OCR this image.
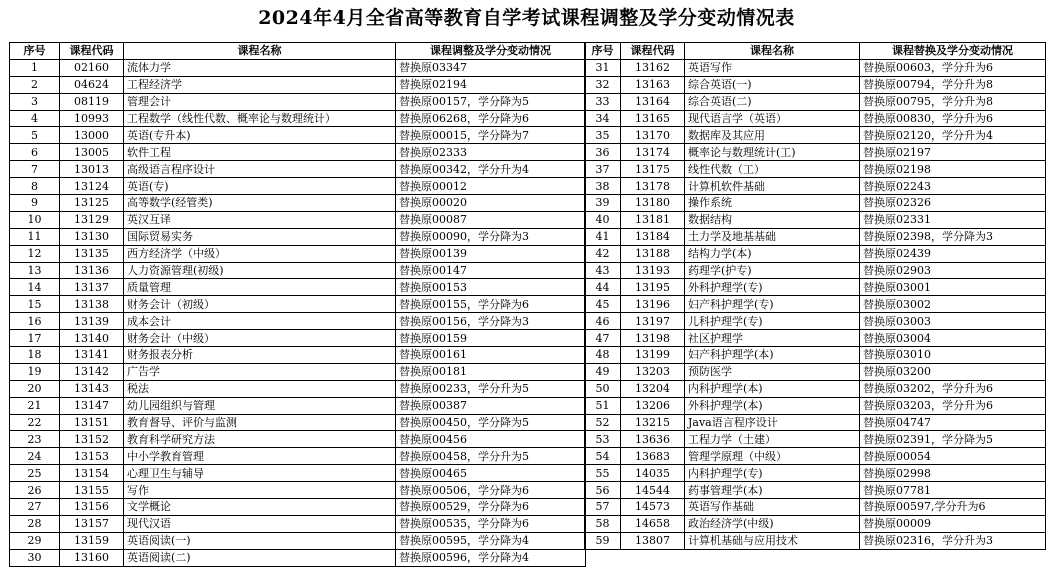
2024年4月全省高等教育自学考试课程调整及学分变动情况表
序号	课程代码	课程名称	课程调整及学分变动情况
1	02160	流体力学	替换原03347
2	04624	工程经济学	替换原02194
3	08119	管理会计	替换原00157，学分降为5
4	10993	工程数学（线性代数、概率论与数理统计）	替换原06268，学分降为6
5	13000	英语(专升本)	替换原00015，学分降为7
6	13005	软件工程	替换原02333
7	13013	高级语言程序设计	替换原00342，学分升为4
8	13124	英语(专)	替换原00012
9	13125	高等数学(经管类)	替换原00020
10	13129	英汉互译	替换原00087
11	13130	国际贸易实务	替换原00090，学分降为3
12	13135	西方经济学（中级）	替换原00139
13	13136	人力资源管理(初级)	替换原00147
14	13137	质量管理	替换原00153
15	13138	财务会计（初级）	替换原00155，学分降为6
16	13139	成本会计	替换原00156，学分降为3
17	13140	财务会计（中级）	替换原00159
18	13141	财务报表分析	替换原00161
19	13142	广告学	替换原00181
20	13143	税法	替换原00233，学分升为5
21	13147	幼儿园组织与管理	替换原00387
22	13151	教育督导、评价与监测	替换原00450，学分降为5
23	13152	教育科学研究方法	替换原00456
24	13153	中小学教育管理	替换原00458，学分升为5
25	13154	心理卫生与辅导	替换原00465
26	13155	写作	替换原00506，学分降为6
27	13156	文学概论	替换原00529，学分降为6
28	13157	现代汉语	替换原00535，学分降为6
29	13159	英语阅读(一)	替换原00595，学分降为4
30	13160	英语阅读(二)	替换原00596，学分降为4
序号	课程代码	课程名称	课程替换及学分变动情况
31	13162	英语写作	替换原00603，学分升为6
32	13163	综合英语(一)	替换原00794，学分升为8
33	13164	综合英语(二)	替换原00795，学分升为8
34	13165	现代语言学（英语）	替换原00830，学分升为6
35	13170	数据库及其应用	替换原02120，学分升为4
36	13174	概率论与数理统计(工)	替换原02197
37	13175	线性代数（工）	替换原02198
38	13178	计算机软件基础	替换原02243
39	13180	操作系统	替换原02326
40	13181	数据结构	替换原02331
41	13184	土力学及地基基础	替换原02398，学分降为3
42	13188	结构力学(本)	替换原02439
43	13193	药理学(护专)	替换原02903
44	13195	外科护理学(专)	替换原03001
45	13196	妇产科护理学(专)	替换原03002
46	13197	儿科护理学(专)	替换原03003
47	13198	社区护理学	替换原03004
48	13199	妇产科护理学(本)	替换原03010
49	13203	预防医学	替换原03200
50	13204	内科护理学(本)	替换原03202，学分升为6
51	13206	外科护理学(本)	替换原03203，学分升为6
52	13215	Java语言程序设计	替换原04747
53	13636	工程力学（土建）	替换原02391，学分降为5
54	13683	管理学原理（中级）	替换原00054
55	14035	内科护理学(专)	替换原02998
56	14544	药事管理学(本)	替换原07781
57	14573	英语写作基础	替换原00597,学分升为6
58	14658	政治经济学(中级)	替换原00009
59	13807	计算机基础与应用技术	替换原02316，学分升为3
